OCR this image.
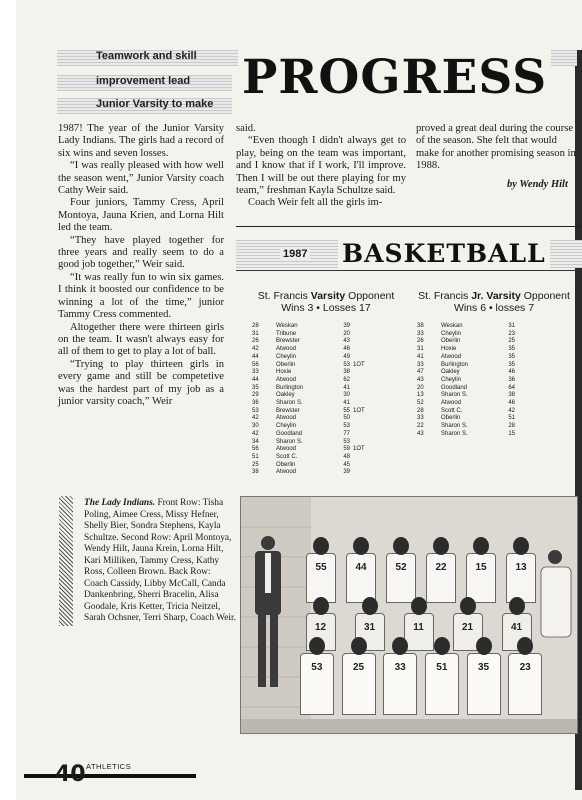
Teamwork and skill
improvement lead
Junior Varsity to make PROGRESS

1987! The year of the Junior Varsity Lady Indians. The girls had a record of six wins and seven losses.

“I was really pleased with how well the season went,” Junior Varsity coach Cathy Weir said.

Four juniors, Tammy Cress, April Montoya, Jauna Krien, and Lorna Hilt led the team.

“They have played together for three years and really seem to do a good job together,” Weir said.

“It was really fun to win six games. I think it boosted our confidence to be winning a lot of the time,” junior Tammy Cress commented.

Altogether there were thirteen girls on the team. It wasn't always easy for all of them to get to play a lot of ball.

“Trying to play thirteen girls in every game and still be competetive was the hardest part of my job as a junior varsity coach,” Weir

said.

“Even though I didn't always get to play, being on the team was important, and I know that if I work, I'll improve. Then I will be out there playing for my team,” freshman Kayla Schultze said.

Coach Weir felt all the girls im-

proved a great deal during the course of the season. She felt that would make for another promising season in 1988.

by Wendy Hilt
1987 BASKETBALL
St. Francis Varsity Opponent
Wins 3 • Losses 17
St. Francis Jr. Varsity Opponent
Wins 6 • losses 7
28	Weskan	39
31	Tribune	20
26	Brewster	43
42	Atwood	46
44	Cheylin	49
56	Oberlin	53 1OT
33	Hoxie	38
44	Atwood	62
35	Burlington	41
29	Oakley	30
36	Sharon S.	41
53	Brewster	55 1OT
42	Atwood	50
30	Cheylin	53
42	Goodland	77
34	Sharon S.	53
56	Atwood	59 1OT
51	Scott C.	48
25	Oberlin	45
38	Atwood	39
38	Weskan	31
33	Cheylin	23
26	Oberlin	25
31	Hoxie	35
41	Atwood	35
33	Burlington	35
47	Oakley	46
43	Cheylin	36
20	Goodland	64
13	Sharon S.	38
52	Atwood	46
28	Scott C.	42
33	Oberlin	51
22	Sharon S.	28
43	Sharon S.	15
The Lady Indians. Front Row: Tisha Poling, Aimee Cress, Missy Hefner, Shelly Bier, Sondra Stephens, Kayla Schultze. Second Row: April Montoya, Wendy Hilt, Jauna Krein, Lorna Hilt, Kari Milliken, Tammy Cress, Kathy Ross, Colleen Brown. Back Row: Coach Cassidy, Libby McCall, Canda Dankenbring, Sherri Bracelin, Alisa Goodale, Kris Ketter, Tricia Neitzel, Sarah Ochsner, Terri Sharp, Coach Weir.
55	44	52	22	15	13
12	31	11	21	41
53	25	33	51	35	23
40 ATHLETICS
